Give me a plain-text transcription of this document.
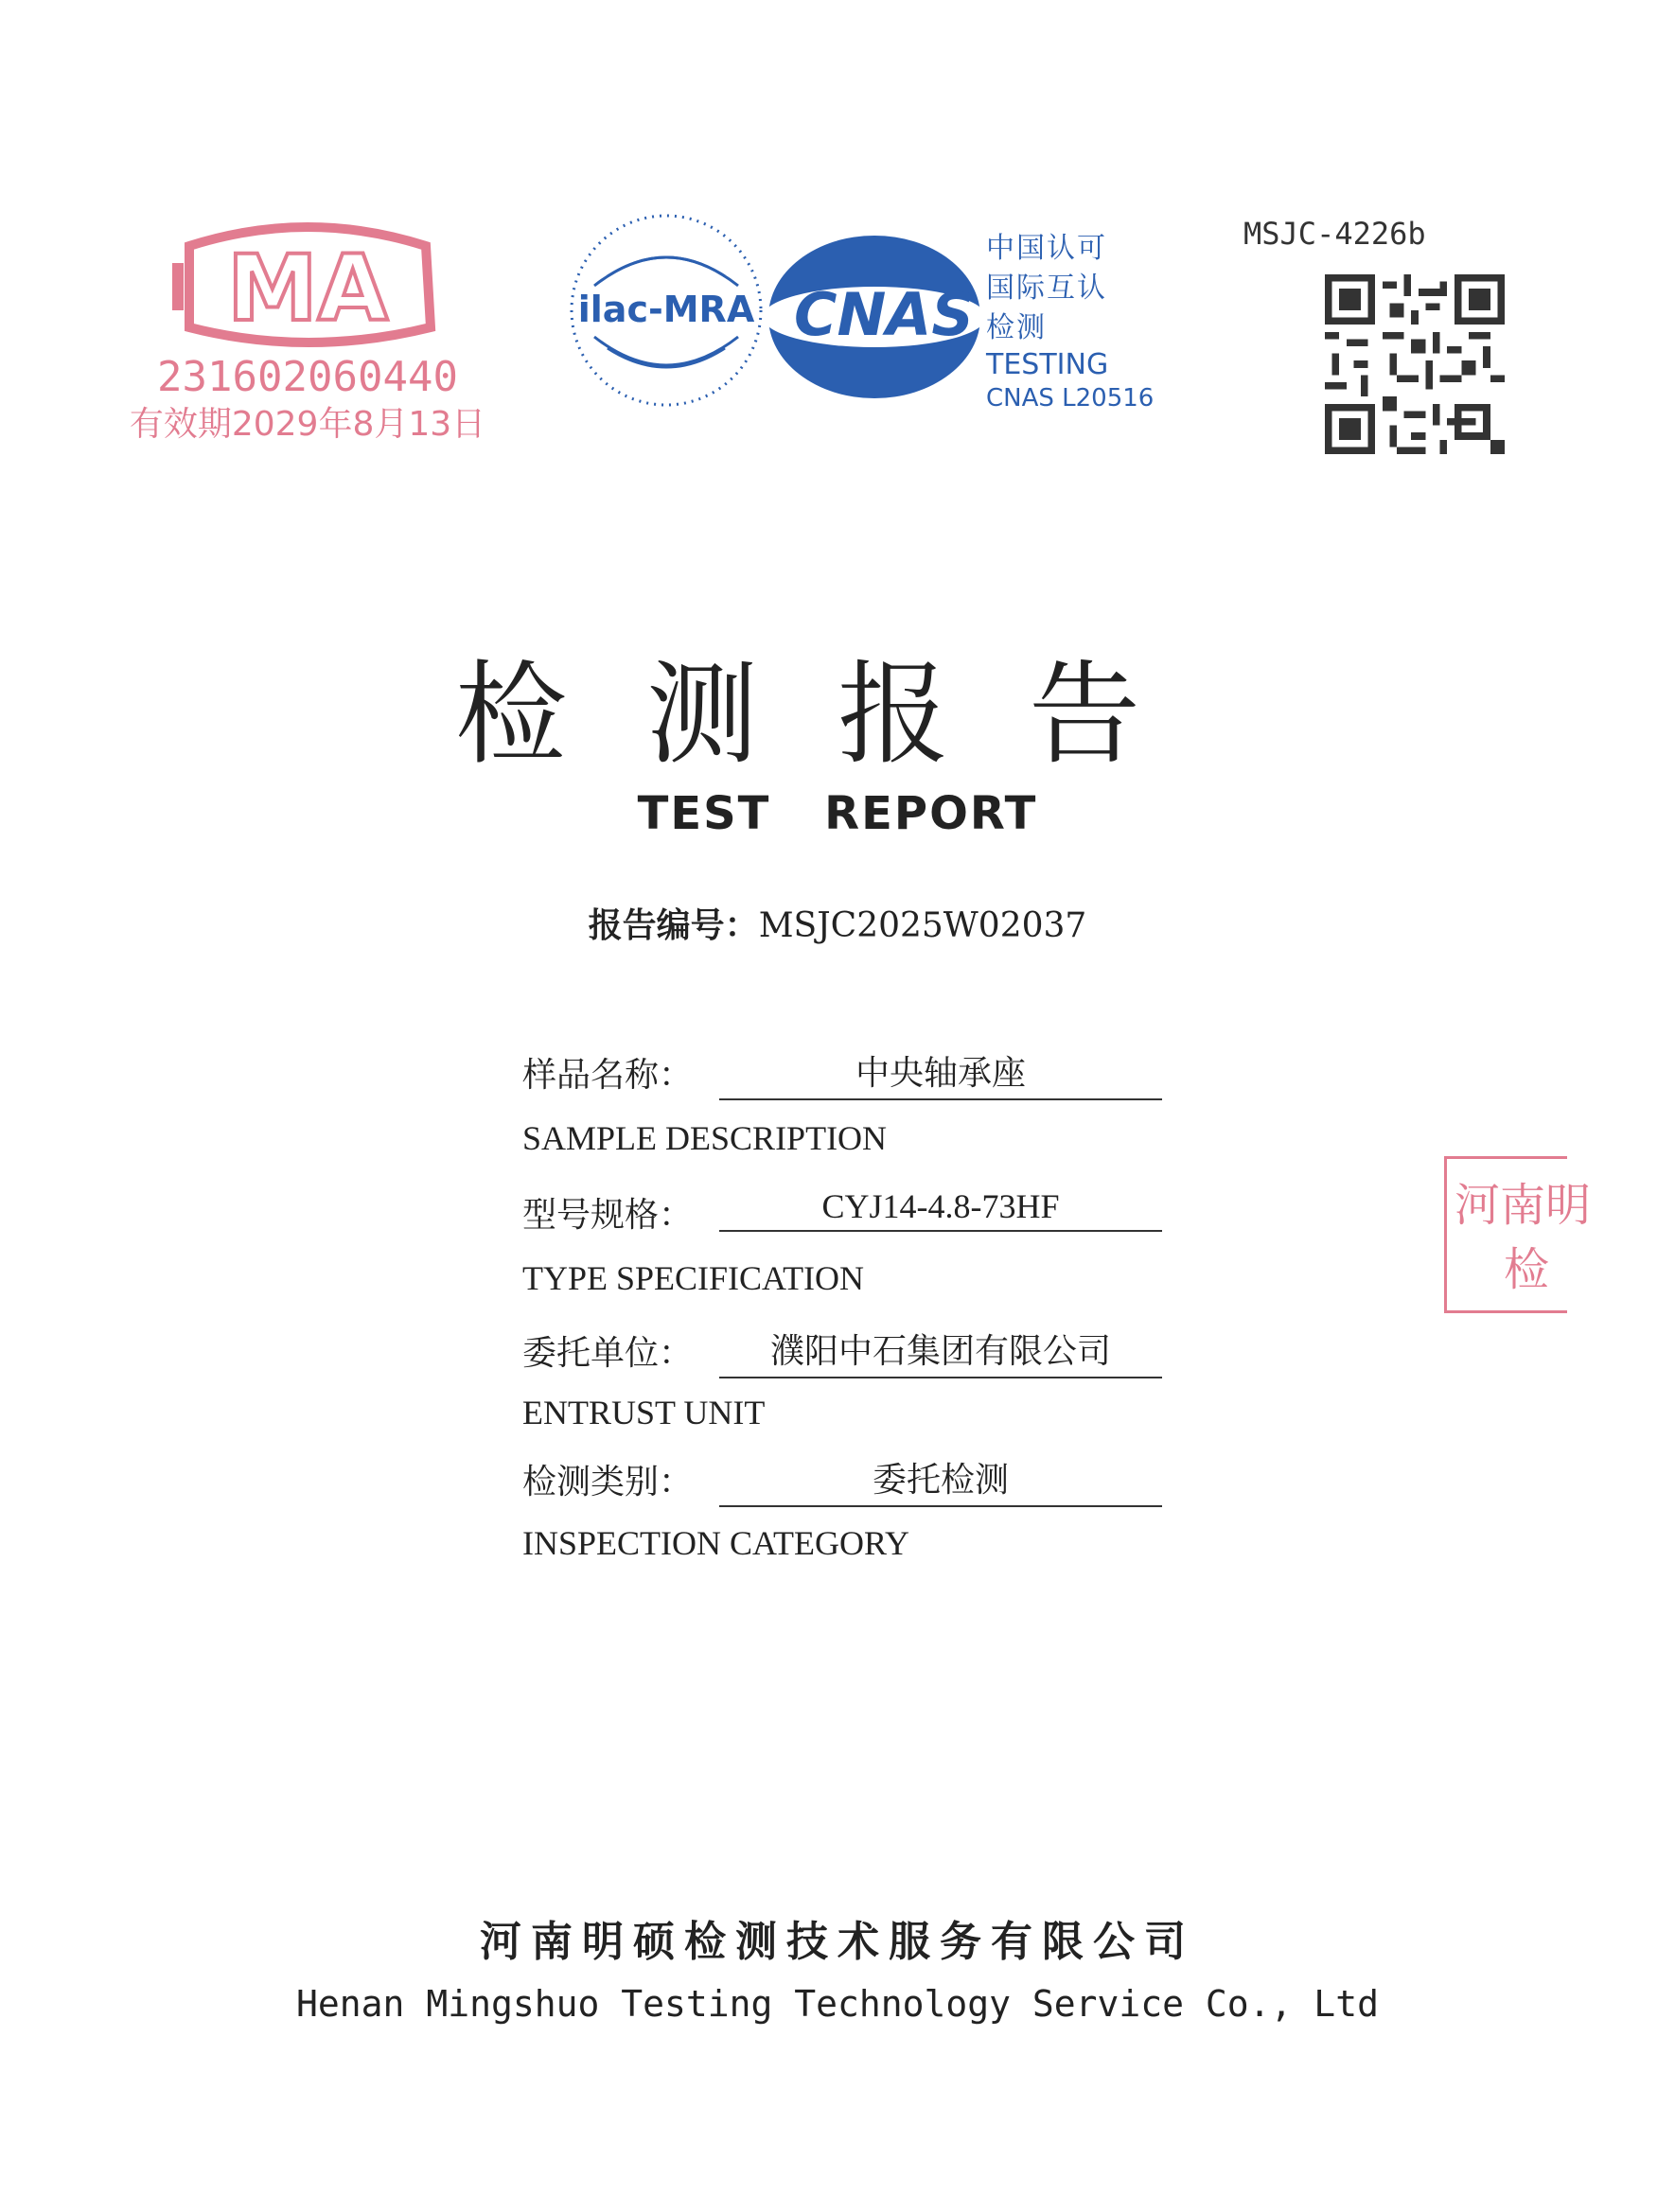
MA
231602060440
有效期2029年8月13日
ilac-MRA CNAS
中国认可
国际互认
检测
TESTING
CNAS L20516
MSJC-4226b
检测报告
TEST REPORT
报告编号：MSJC2025W02037
样品名称：	中央轴承座
SAMPLE DESCRIPTION
型号规格：	CYJ14-4.8-73HF
TYPE SPECIFICATION
委托单位：	濮阳中石集团有限公司
ENTRUST UNIT
检测类别：	委托检测
INSPECTION CATEGORY
河南明
检
河南明硕检测技术服务有限公司
Henan Mingshuo Testing Technology Service Co., Ltd
